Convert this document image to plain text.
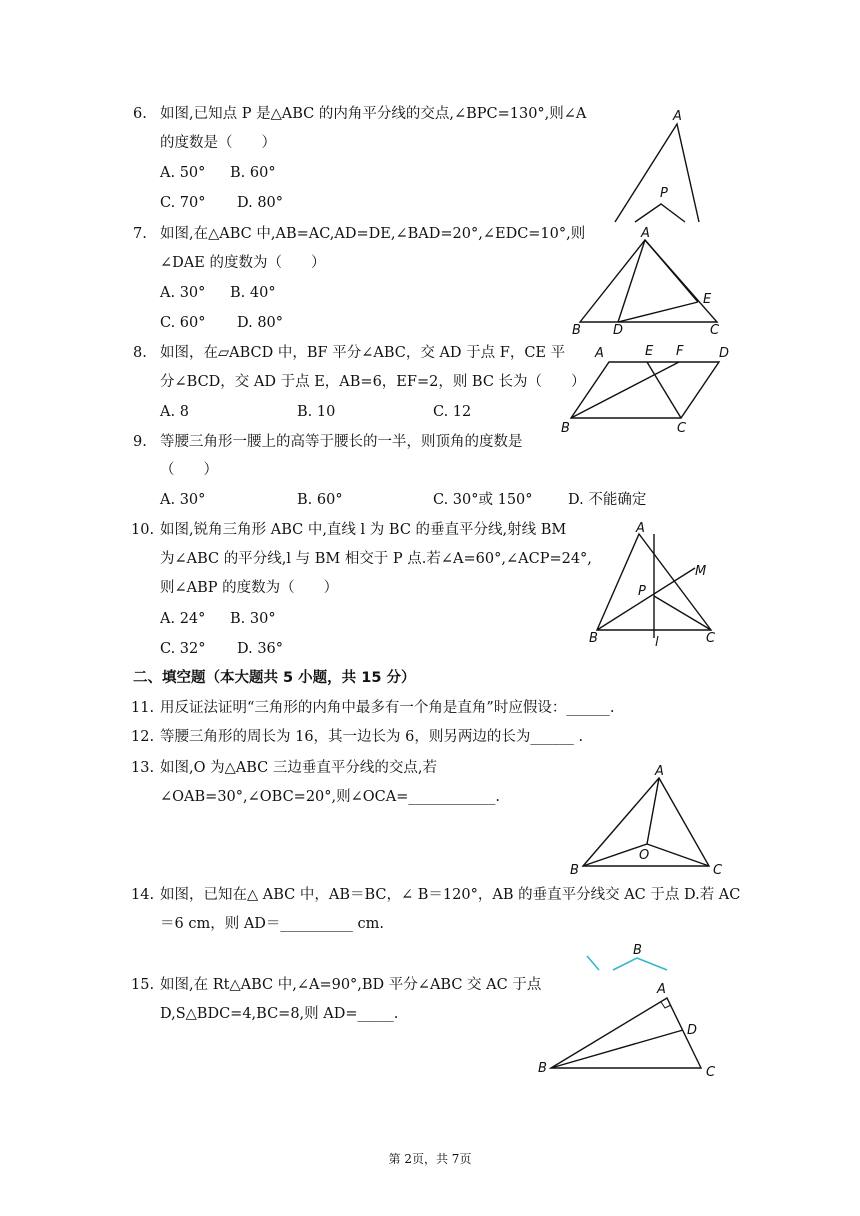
6. 如图,已知点 P 是△ABC 的内角平分线的交点,∠BPC=130°,则∠A
的度数是（　　）
A. 50° B. 60°
C. 70° D. 80°
A
P
7. 如图,在△ABC 中,AB=AC,AD=DE,∠BAD=20°,∠EDC=10°,则
∠DAE 的度数为（　　）
A. 30° B. 40°
C. 60° D. 80°
A
E
B D	C
8. 如图，在▱ABCD 中，BF 平分∠ABC，交 AD 于点 F，CE 平
分∠BCD，交 AD 于点 E，AB=6，EF=2，则 BC 长为（　　）
A. 8	B. 10	C. 12
A	E F	D
B	C
9. 等腰三角形一腰上的高等于腰长的一半，则顶角的度数是
（　　）
A. 30°	B. 60°	C. 30°或 150° D. 不能确定
10. 如图,锐角三角形 ABC 中,直线 l 为 BC 的垂直平分线,射线 BM
为∠ABC 的平分线,l 与 BM 相交于 P 点.若∠A=60°,∠ACP=24°,
则∠ABP 的度数为（　　）
A. 24° B. 30°
C. 32° D. 36°
A
M
P
B	l	C
二、填空题（本大题共 5 小题，共 15 分）
11. 用反证法证明“三角形的内角中最多有一个角是直角”时应假设：______.
12. 等腰三角形的周长为 16，其一边长为 6，则另两边的长为______ .
13. 如图,O 为△ABC 三边垂直平分线的交点,若
∠OAB=30°,∠OBC=20°,则∠OCA=____________.
A
O
B	C
14. 如图，已知在△ ABC 中，AB＝BC，∠ B＝120°，AB 的垂直平分线交 AC 于点 D.若 AC
＝6 cm，则 AD＝__________ cm.
B
15. 如图,在 Rt△ABC 中,∠A=90°,BD 平分∠ABC 交 AC 于点
D,S△BDC=4,BC=8,则 AD=_____.
A
D
B	C
第 2页，共 7页
